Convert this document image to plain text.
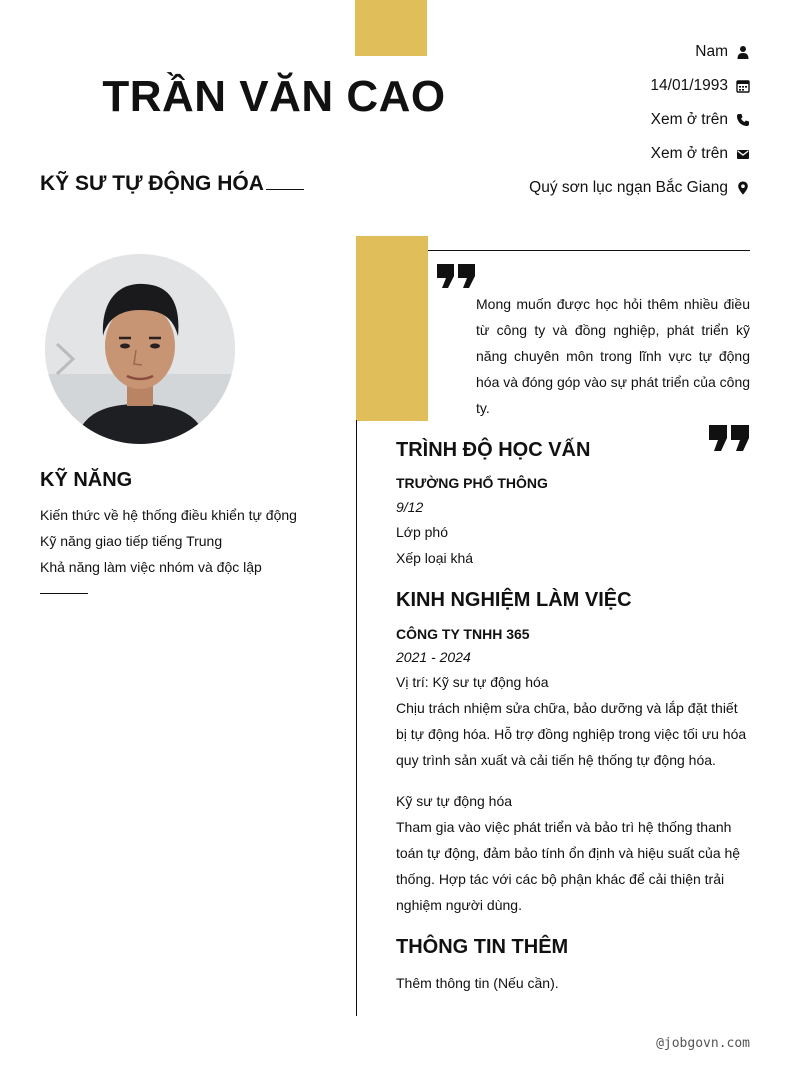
TRẦN VĂN CAO
KỸ SƯ TỰ ĐỘNG HÓA
Nam
14/01/1993
Xem ở trên
Xem ở trên
Quý sơn lục ngạn Bắc Giang
KỸ NĂNG
Kiến thức về hệ thống điều khiển tự động
Kỹ năng giao tiếp tiếng Trung
Khả năng làm việc nhóm và độc lập
Mong muốn được học hỏi thêm nhiều điều từ công ty và đồng nghiệp, phát triển kỹ năng chuyên môn trong lĩnh vực tự động hóa và đóng góp vào sự phát triển của công ty.
TRÌNH ĐỘ HỌC VẤN
TRƯỜNG PHỔ THÔNG
9/12
Lớp phó
Xếp loại khá
KINH NGHIỆM LÀM VIỆC
CÔNG TY TNHH 365
2021 - 2024
Vị trí: Kỹ sư tự động hóa
Chịu trách nhiệm sửa chữa, bảo dưỡng và lắp đặt thiết bị tự động hóa. Hỗ trợ đồng nghiệp trong việc tối ưu hóa quy trình sản xuất và cải tiến hệ thống tự động hóa.
Kỹ sư tự động hóa
Tham gia vào việc phát triển và bảo trì hệ thống thanh toán tự động, đảm bảo tính ổn định và hiệu suất của hệ thống. Hợp tác với các bộ phận khác để cải thiện trải nghiệm người dùng.
THÔNG TIN THÊM
Thêm thông tin (Nếu cần).
@jobgovn.com
